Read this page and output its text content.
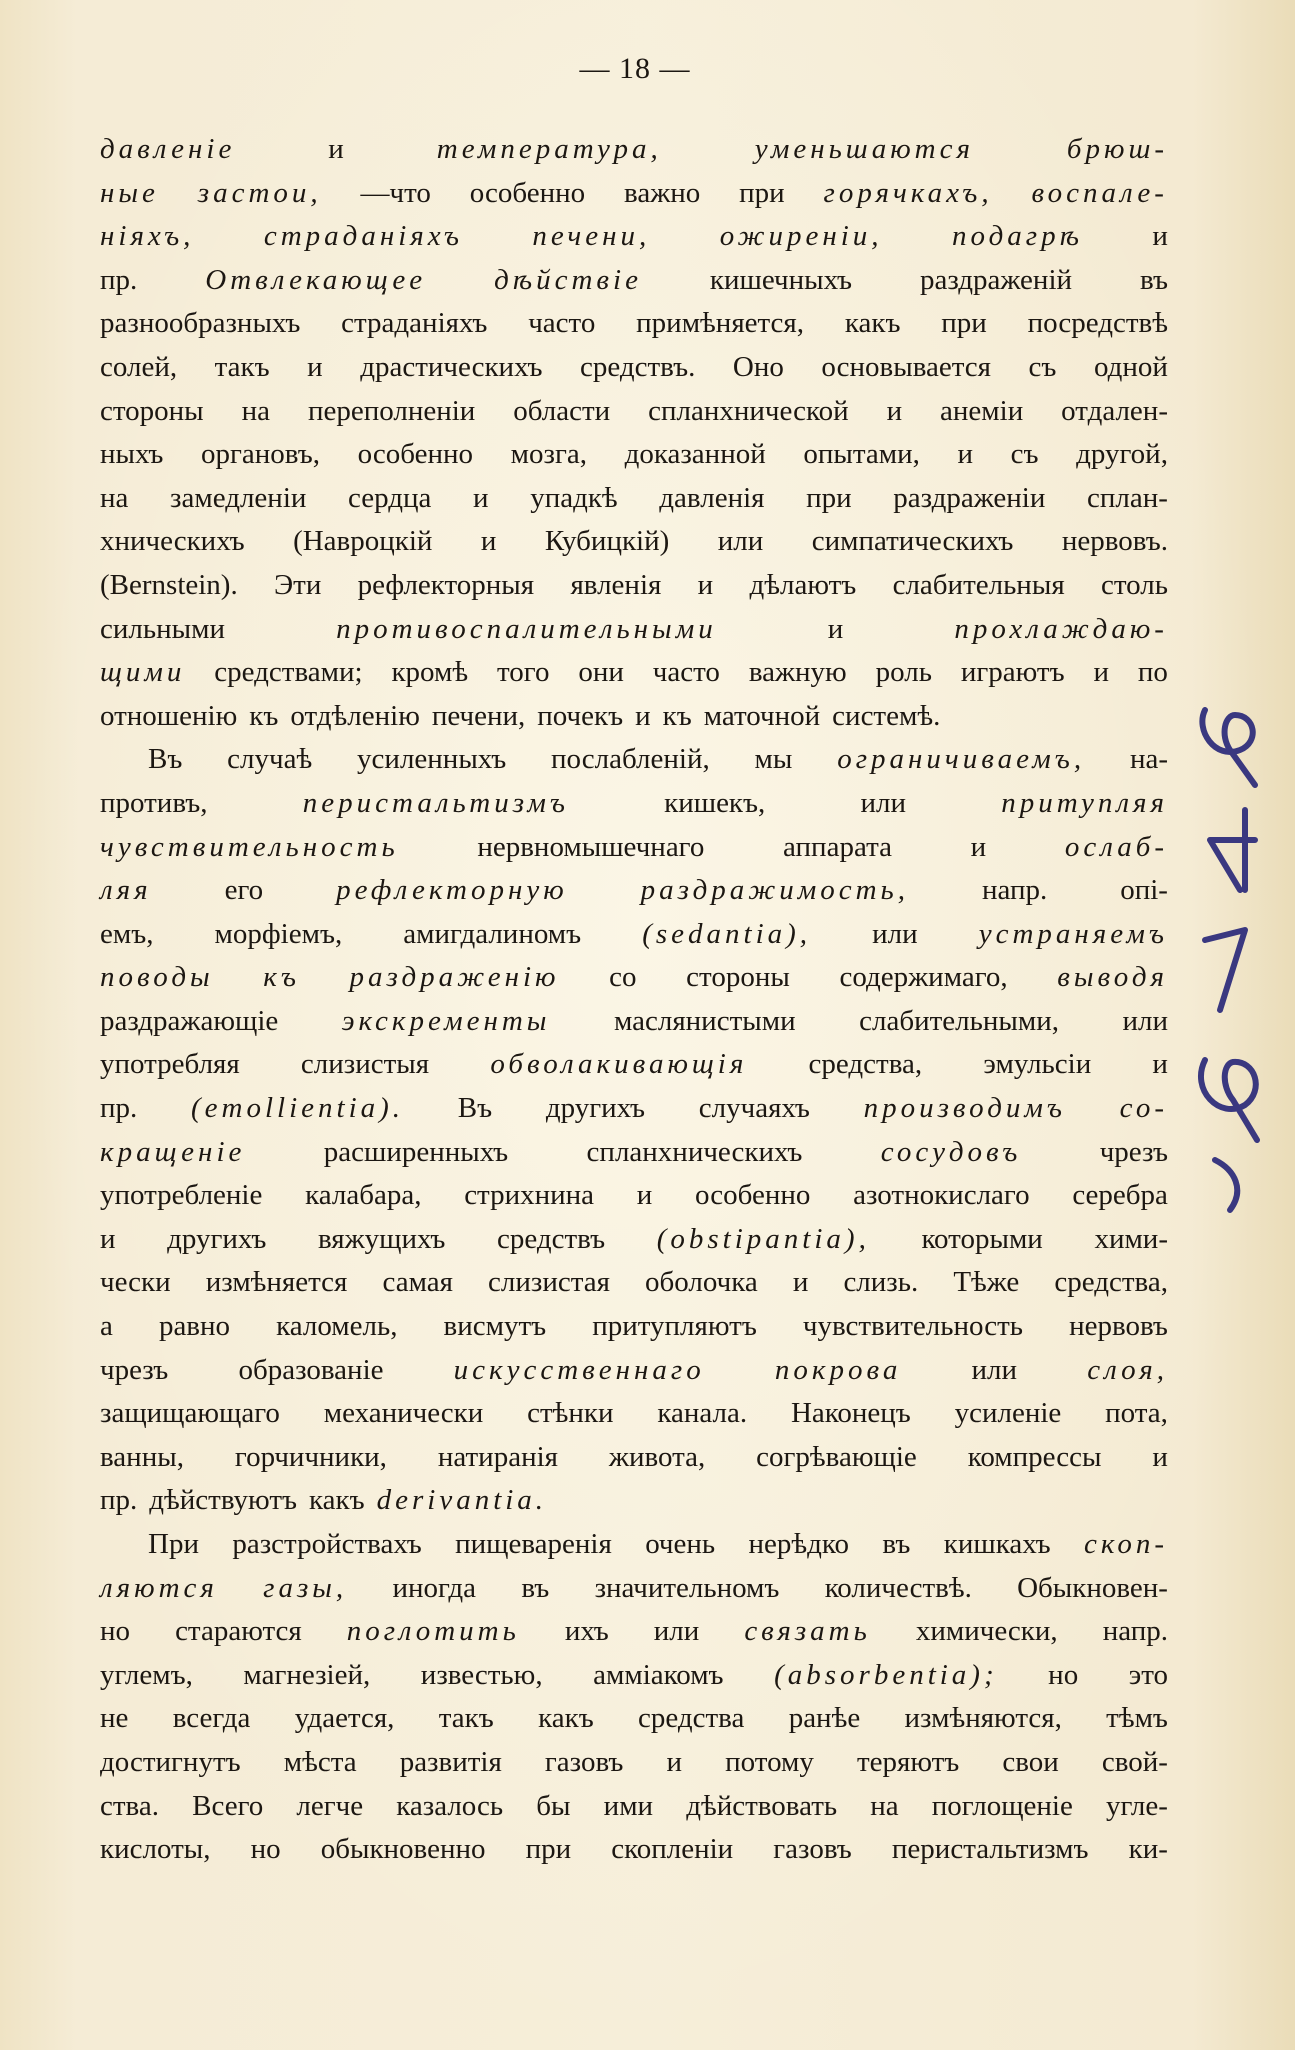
— 18 —
давленіе	и	температура,	уменьшаются	брюш-
ные застои, —что особенно важно при горячкахъ, воспале-
ніяхъ, страданіяхъ печени, ожиреніи, подагрѣ и
пр. Отвлекающее дѣйствіе кишечныхъ раздраженій въ
разнообразныхъ страданіяхъ часто примѣняется, какъ при посредствѣ
солей, такъ и драстическихъ средствъ. Оно основывается съ одной
стороны на переполненіи области спланхнической и анеміи отдален-
ныхъ органовъ, особенно мозга, доказанной опытами, и съ другой,
на замедленіи сердца и упадкѣ давленія при раздраженіи сплан-
хническихъ (Навроцкій и Кубицкій) или симпатическихъ нервовъ.
(Bernstein). Эти рефлекторныя явленія и дѣлаютъ слабительныя столь
сильными	противоспалительными	и	прохлаждаю-
щими средствами; кромѣ того они часто важную роль играютъ и по
отношенію къ отдѣленію печени, почекъ и къ маточной системѣ.
Въ случаѣ усиленныхъ послабленій, мы ограничиваемъ, на-
противъ,	перистальтизмъ	кишекъ,	или	притупляя
чувствительность	нервномышечнаго	аппарата	и	ослаб-
ляя	его	рефлекторную	раздражимость,	напр.	опі-
емъ, морфіемъ, амигдалиномъ (sedantia), или устраняемъ
поводы къ раздраженію со стороны содержимаго, выводя
раздражающіе экскременты маслянистыми слабительными, или
употребляя слизистыя обволакивающія средства, эмульсіи и
пр. (emollientia). Въ другихъ случаяхъ производимъ со-
кращеніе	расширенныхъ	спланхническихъ	сосудовъ	чрезъ
употребленіе калабара, стрихнина и особенно азотнокислаго серебра
и другихъ вяжущихъ средствъ (obstipantia), которыми хими-
чески измѣняется самая слизистая оболочка и слизь. Тѣже средства,
а равно каломель, висмутъ притупляютъ чувствительность нервовъ
чрезъ образованіе искусственнаго покрова или слоя,
защищающаго механически стѣнки канала. Наконецъ усиленіе пота,
ванны, горчичники, натиранія живота, согрѣвающіе компрессы и
пр. дѣйствуютъ какъ derivantia.
При разстройствахъ пищеваренія очень нерѣдко въ кишкахъ скоп-
ляются газы, иногда въ значительномъ количествѣ. Обыкновен-
но стараются поглотить ихъ или связать химически, напр.
углемъ, магнезіей, известью, аммiакомъ (absorbentia); но это
не всегда удается, такъ какъ средства ранѣе измѣняются, тѣмъ
достигнутъ мѣста развитія газовъ и потому теряютъ свои свой-
ства. Всего легче казалось бы ими дѣйствовать на поглощеніе угле-
кислоты, но обыкновенно при скопленіи газовъ перистальтизмъ ки-
